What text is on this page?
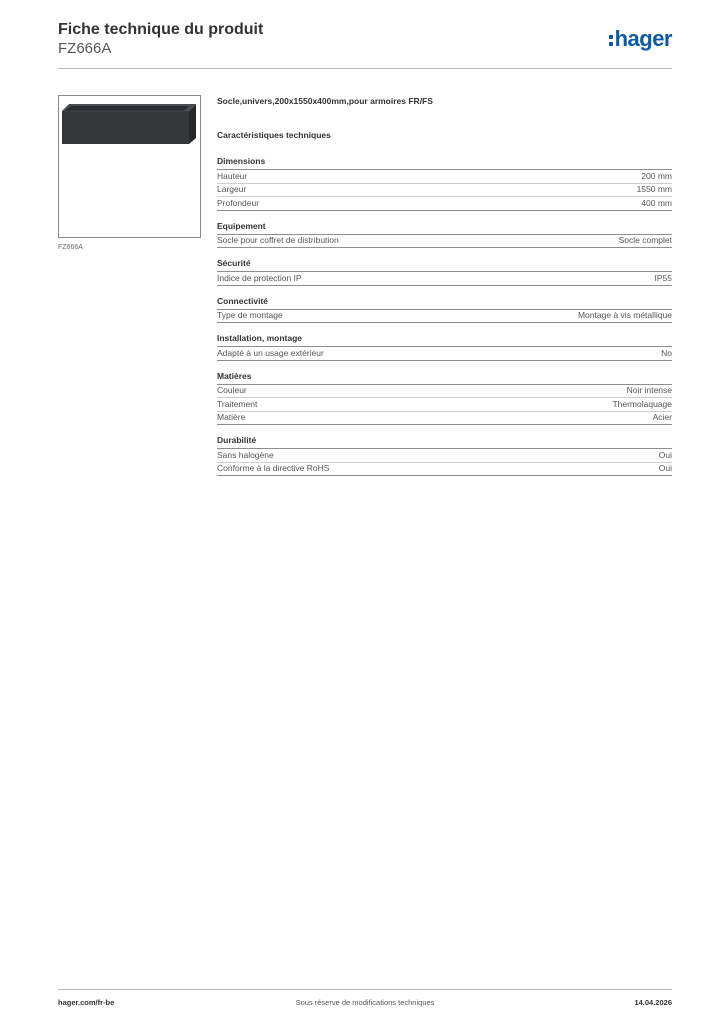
Fiche technique du produit
FZ666A	hager
FZ666A
Socle,univers,200x1550x400mm,pour armoires FR/FS
Caractéristiques techniques
Dimensions
Hauteur	200 mm
Largeur	1550 mm
Profondeur	400 mm
Equipement
Socle pour coffret de distribution	Socle complet
Sécurité
Indice de protection IP	IP55
Connectivité
Type de montage	Montage à vis métallique
Installation, montage
Adapté à un usage extérieur	No
Matières
Couleur	Noir intense
Traitement	Thermolaquage
Matière	Acier
Durabilité
Sans halogène	Oui
Conforme à la directive RoHS	Oui
hager.com/fr-be	Sous réserve de modifications techniques	14.04.2026
